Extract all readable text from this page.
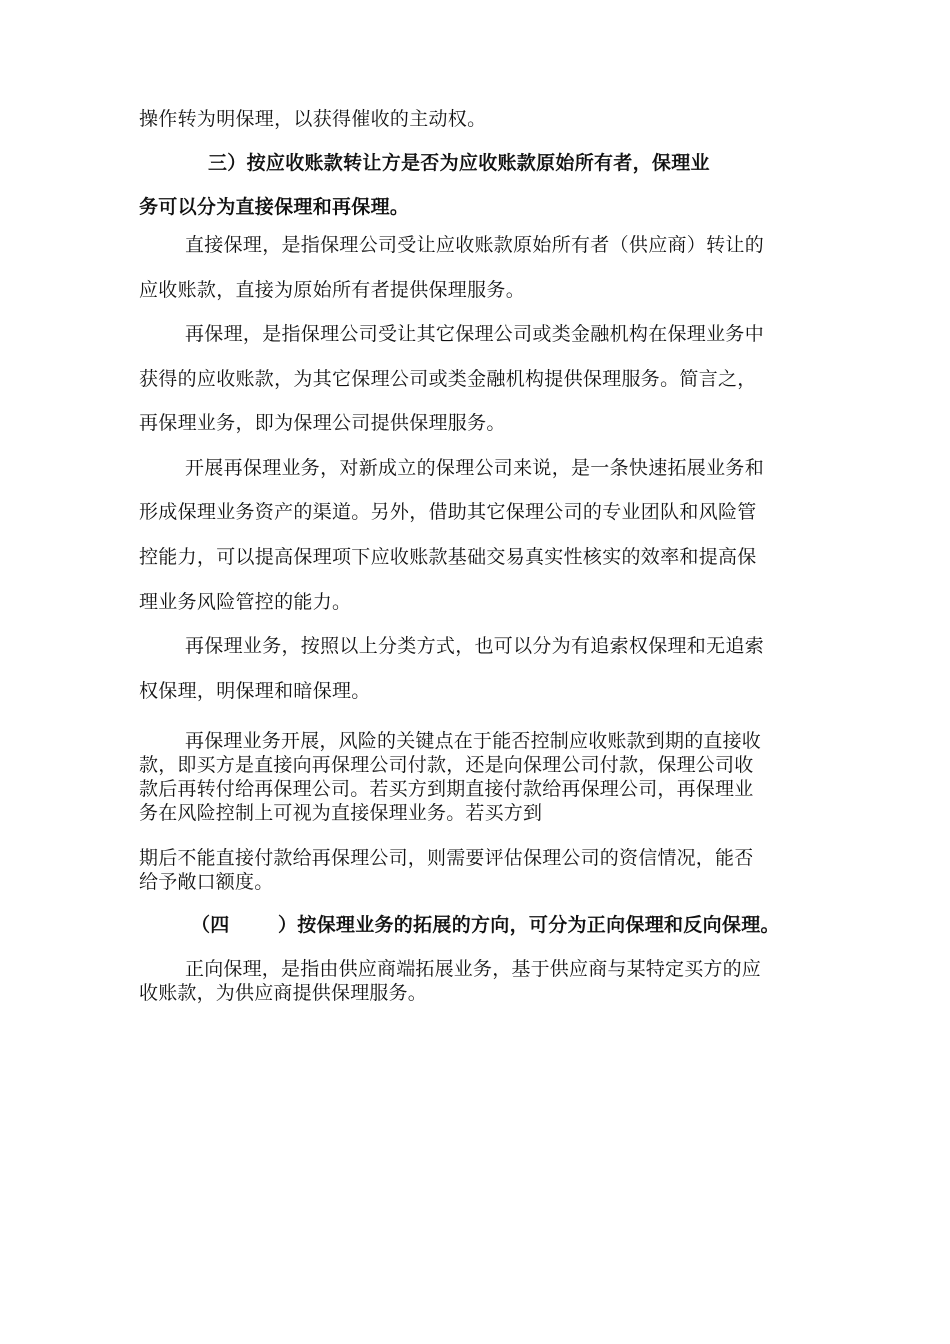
操作转为明保理，以获得催收的主动权。
三）按应收账款转让方是否为应收账款原始所有者，保理业
务可以分为直接保理和再保理。
直接保理，是指保理公司受让应收账款原始所有者（供应商）转让的
应收账款，直接为原始所有者提供保理服务。
再保理，是指保理公司受让其它保理公司或类金融机构在保理业务中
获得的应收账款，为其它保理公司或类金融机构提供保理服务。简言之，
再保理业务，即为保理公司提供保理服务。
开展再保理业务，对新成立的保理公司来说，是一条快速拓展业务和
形成保理业务资产的渠道。另外，借助其它保理公司的专业团队和风险管
控能力，可以提高保理项下应收账款基础交易真实性核实的效率和提高保
理业务风险管控的能力。
再保理业务，按照以上分类方式，也可以分为有追索权保理和无追索
权保理，明保理和暗保理。
再保理业务开展，风险的关键点在于能否控制应收账款到期的直接收
款，即买方是直接向再保理公司付款，还是向保理公司付款，保理公司收
款后再转付给再保理公司。若买方到期直接付款给再保理公司，再保理业
务在风险控制上可视为直接保理业务。若买方到
期后不能直接付款给再保理公司，则需要评估保理公司的资信情况，能否
给予敞口额度。
（四	）按保理业务的拓展的方向，可分为正向保理和反向保理。
正向保理，是指由供应商端拓展业务，基于供应商与某特定买方的应
收账款，为供应商提供保理服务。
